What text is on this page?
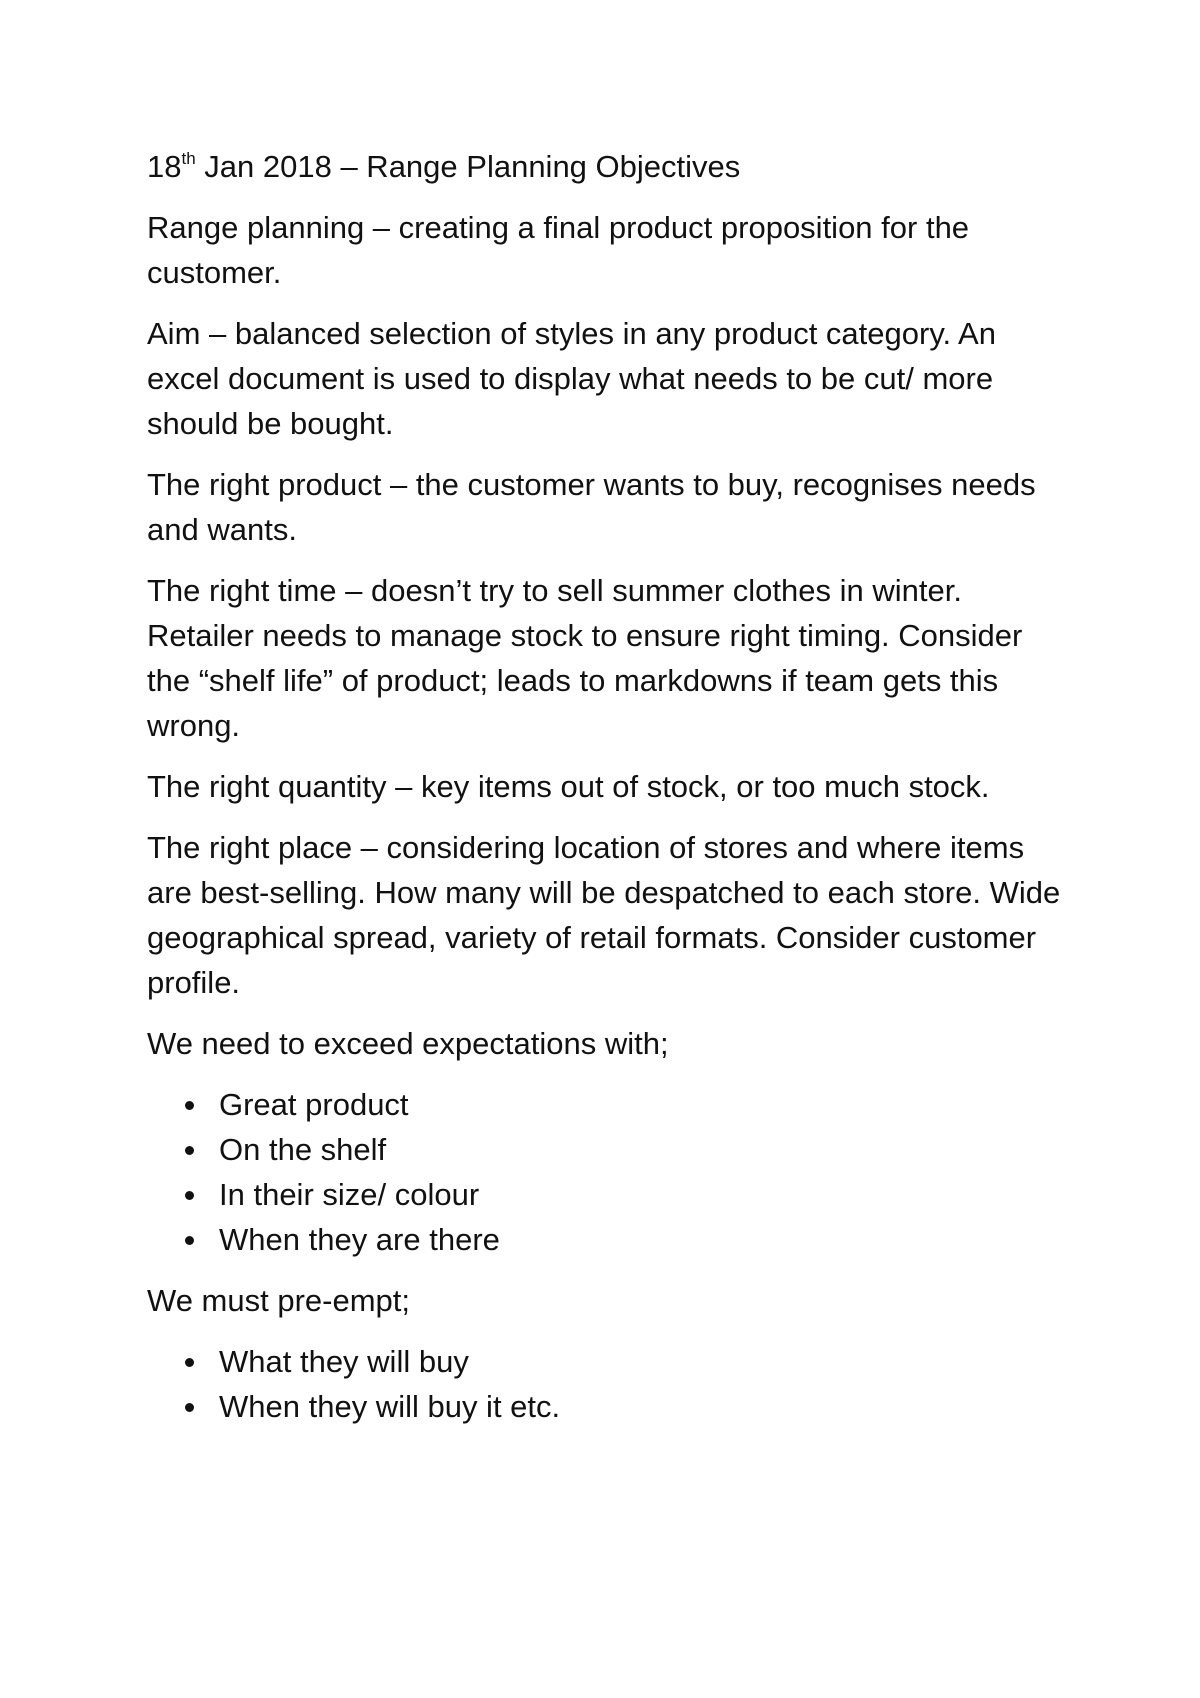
18th Jan 2018 – Range Planning Objectives

Range planning – creating a final product proposition for the customer.

Aim – balanced selection of styles in any product category. An excel document is used to display what needs to be cut/ more should be bought.

The right product – the customer wants to buy, recognises needs and wants.

The right time – doesn’t try to sell summer clothes in winter. Retailer needs to manage stock to ensure right timing. Consider the “shelf life” of product; leads to markdowns if team gets this wrong.

The right quantity – key items out of stock, or too much stock.

The right place – considering location of stores and where items are best-selling. How many will be despatched to each store. Wide geographical spread, variety of retail formats. Consider customer profile.

We need to exceed expectations with;

Great product
On the shelf
In their size/ colour
When they are there

We must pre-empt;

What they will buy
When they will buy it etc.
